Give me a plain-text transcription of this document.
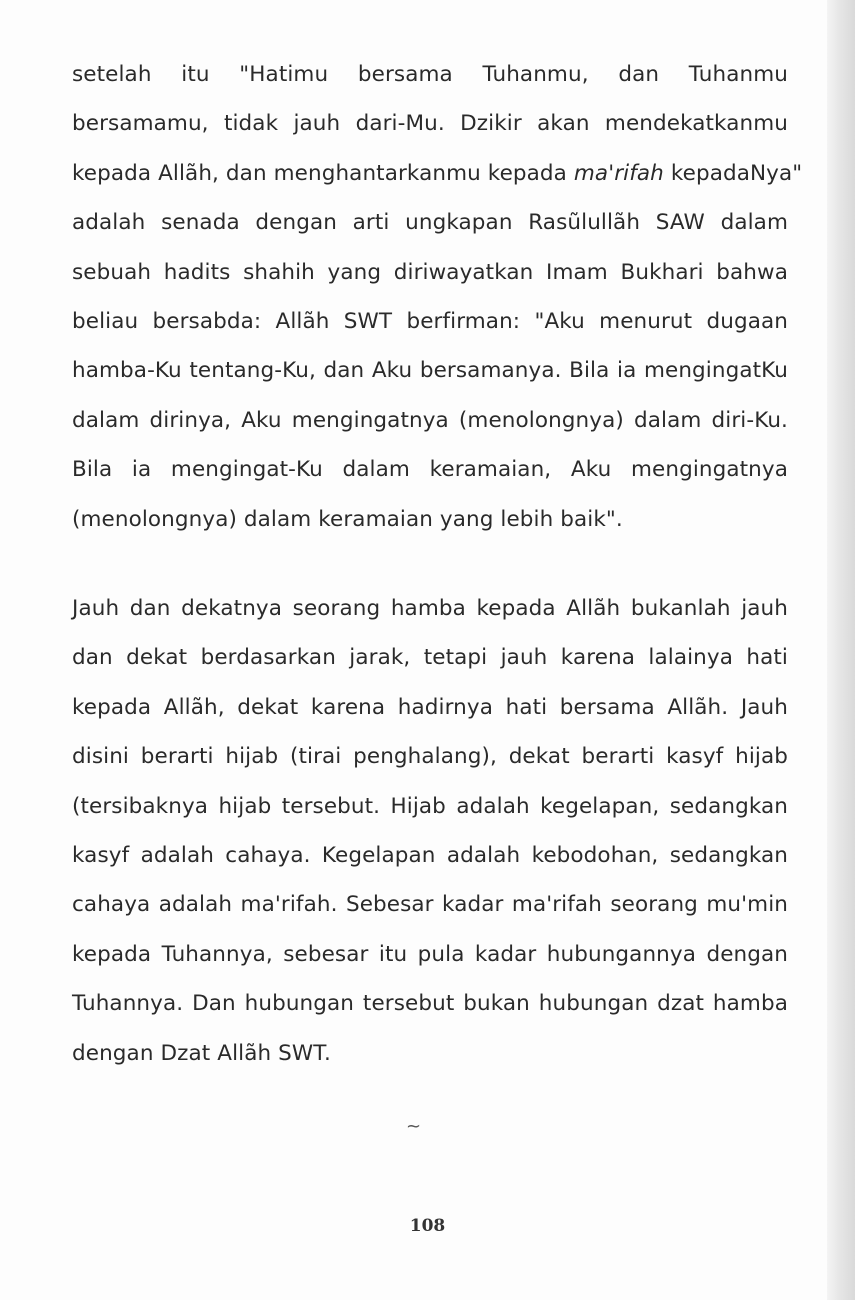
setelah itu "Hatimu bersama Tuhanmu, dan Tuhanmu
bersamamu, tidak jauh dari-Mu. Dzikir akan mendekatkanmu
kepada Allãh, dan menghantarkanmu kepada ma'rifah kepadaNya"
adalah senada dengan arti ungkapan Rasũlullãh SAW dalam
sebuah hadits shahih yang diriwayatkan Imam Bukhari bahwa
beliau bersabda: Allãh SWT berfirman: "Aku menurut dugaan
hamba-Ku tentang-Ku, dan Aku bersamanya. Bila ia mengingatKu
dalam dirinya, Aku mengingatnya (menolongnya) dalam diri-Ku.
Bila ia mengingat-Ku dalam keramaian, Aku mengingatnya
(menolongnya) dalam keramaian yang lebih baik".
Jauh dan dekatnya seorang hamba kepada Allãh bukanlah jauh
dan dekat berdasarkan jarak, tetapi jauh karena lalainya hati
kepada Allãh, dekat karena hadirnya hati bersama Allãh. Jauh
disini berarti hijab (tirai penghalang), dekat berarti kasyf hijab
(tersibaknya hijab tersebut. Hijab adalah kegelapan, sedangkan
kasyf adalah cahaya. Kegelapan adalah kebodohan, sedangkan
cahaya adalah ma'rifah. Sebesar kadar ma'rifah seorang mu'min
kepada Tuhannya, sebesar itu pula kadar hubungannya dengan
Tuhannya. Dan hubungan tersebut bukan hubungan dzat hamba
dengan Dzat Allãh SWT.
~
108
